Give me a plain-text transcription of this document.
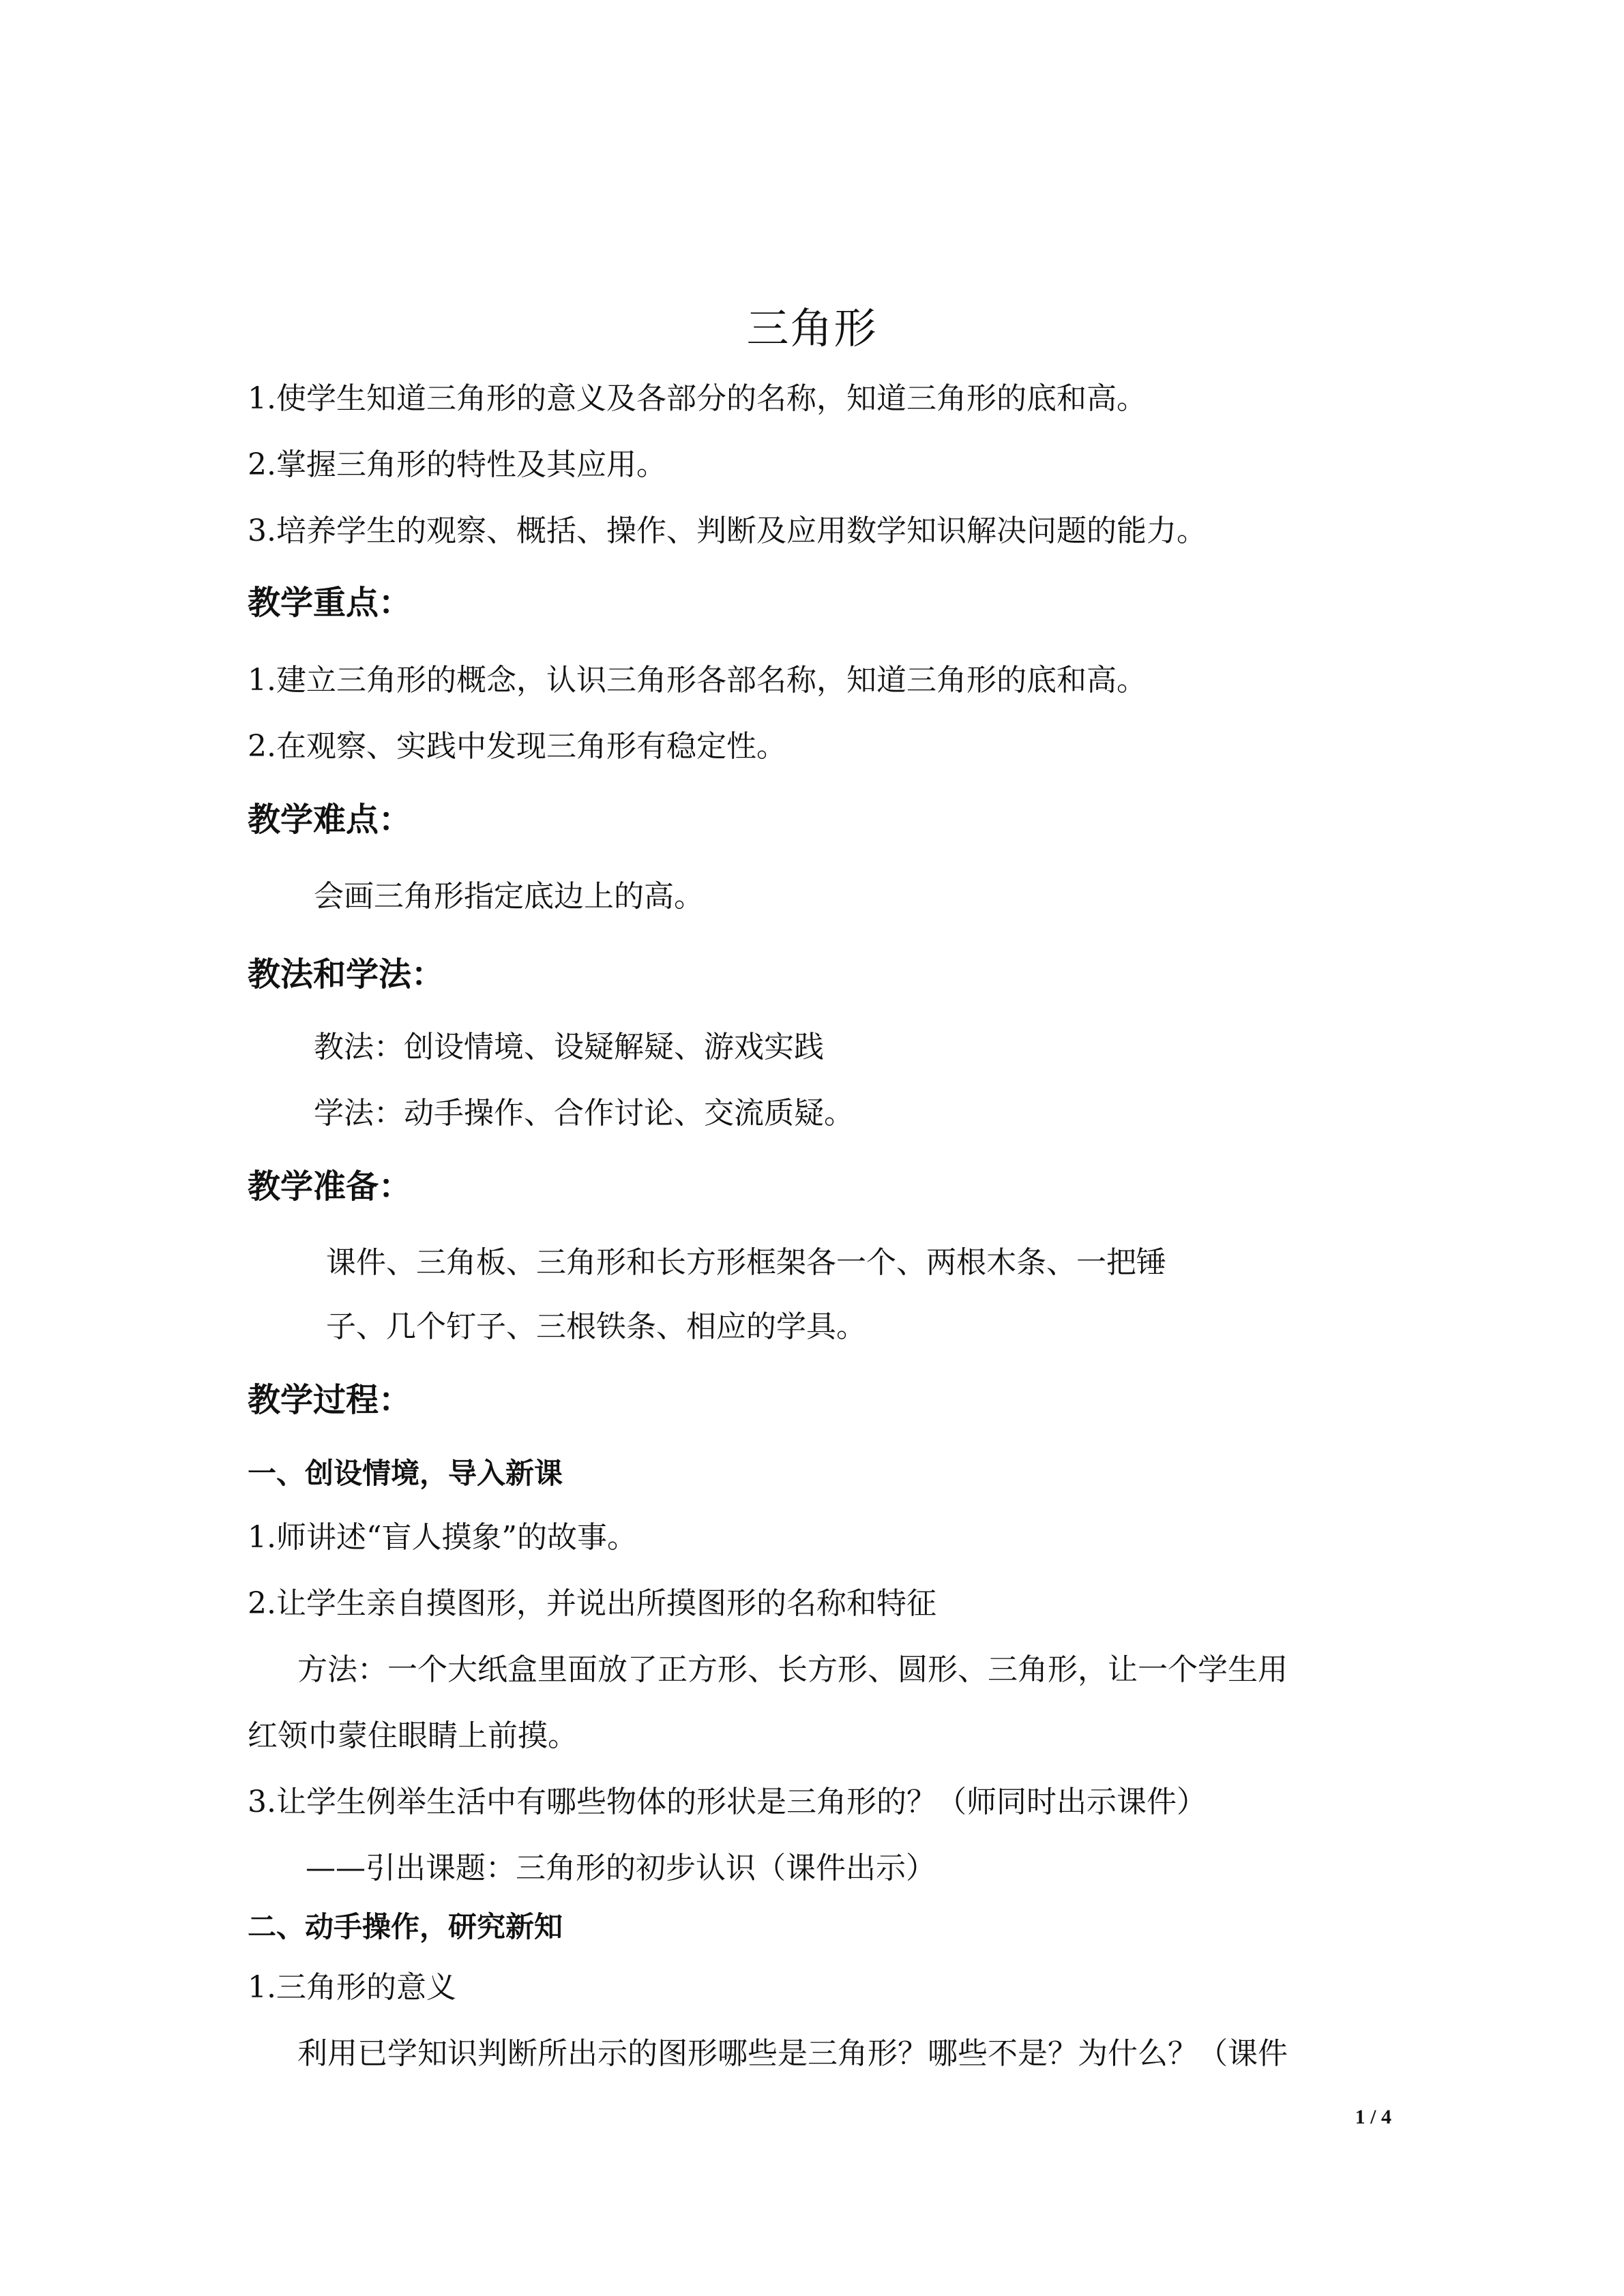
三角形
1.使学生知道三角形的意义及各部分的名称，知道三角形的底和高。
2.掌握三角形的特性及其应用。
3.培养学生的观察、概括、操作、判断及应用数学知识解决问题的能力。
教学重点：
1.建立三角形的概念，认识三角形各部名称，知道三角形的底和高。
2.在观察、实践中发现三角形有稳定性。
教学难点：
会画三角形指定底边上的高。
教法和学法：
教法：创设情境、设疑解疑、游戏实践
学法：动手操作、合作讨论、交流质疑。
教学准备：
课件、三角板、三角形和长方形框架各一个、两根木条、一把锤
子、几个钉子、三根铁条、相应的学具。
教学过程：
一、创设情境，导入新课
1.师讲述“盲人摸象”的故事。
2.让学生亲自摸图形，并说出所摸图形的名称和特征
方法：一个大纸盒里面放了正方形、长方形、圆形、三角形，让一个学生用
红领巾蒙住眼睛上前摸。
3.让学生例举生活中有哪些物体的形状是三角形的？（师同时出示课件）
——引出课题：三角形的初步认识（课件出示）
二、动手操作，研究新知
1.三角形的意义
利用已学知识判断所出示的图形哪些是三角形？哪些不是？为什么？（课件
1 / 4
